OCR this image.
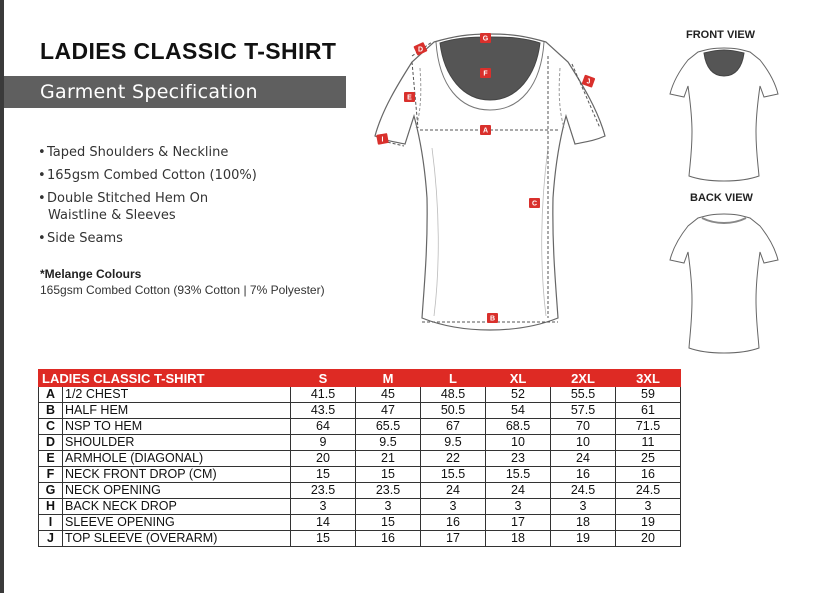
LADIES CLASSIC T-SHIRT
Garment Specification
•Taped Shoulders & Neckline
•165gsm Combed Cotton (100%)
•Double Stitched Hem On
Waistline & Sleeves
•Side Seams
*Melange Colours
165gsm Combed Cotton (93% Cotton | 7% Polyester)
G
D
F
E
J
A
I
C
B
FRONT VIEW
BACK VIEW
LADIES CLASSIC T-SHIRT		S	M	L	XL	2XL	3XL
A	1/2 CHEST	41.5	45	48.5	52	55.5	59
B	HALF HEM	43.5	47	50.5	54	57.5	61
C	NSP TO HEM	64	65.5	67	68.5	70	71.5
D	SHOULDER	9	9.5	9.5	10	10	11
E	ARMHOLE (DIAGONAL)	20	21	22	23	24	25
F	NECK FRONT DROP (CM)	15	15	15.5	15.5	16	16
G	NECK OPENING	23.5	23.5	24	24	24.5	24.5
H	BACK NECK DROP	3	3	3	3	3	3
I	SLEEVE OPENING	14	15	16	17	18	19
J	TOP SLEEVE (OVERARM)	15	16	17	18	19	20
